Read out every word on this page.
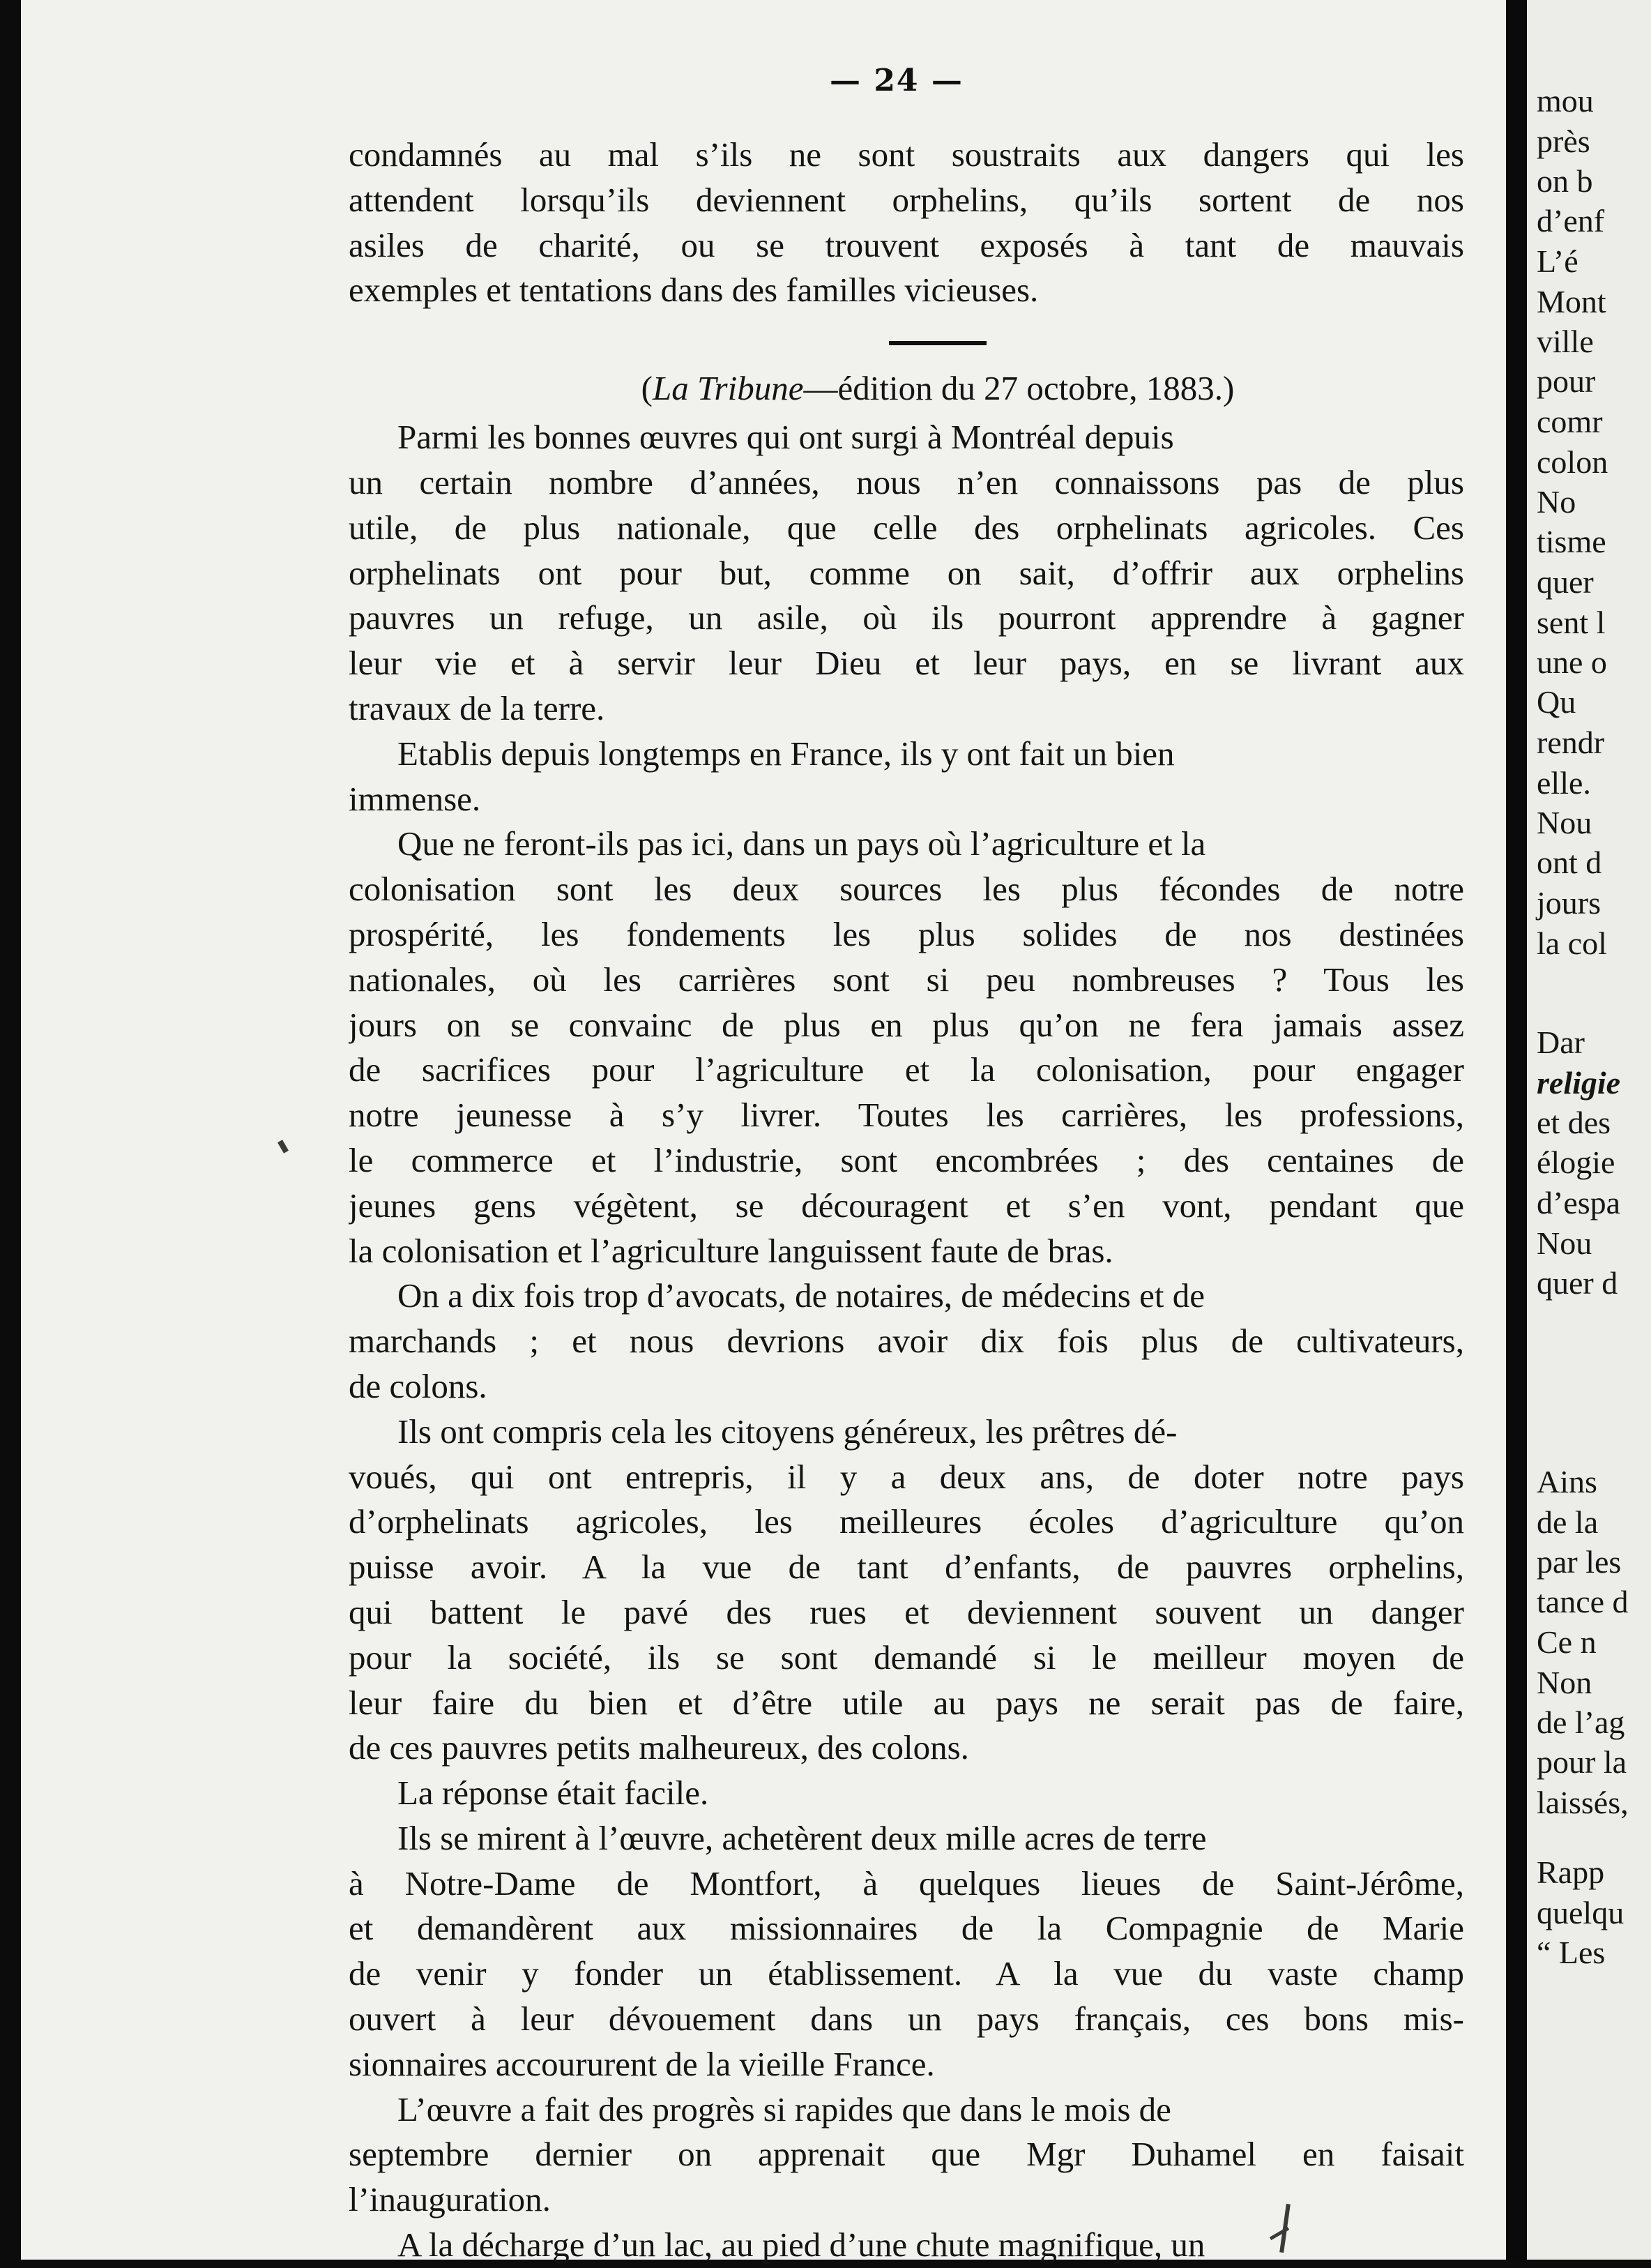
— 24 —
condamnés au mal s’ils ne sont soustraits aux dangers qui les
attendent lorsqu’ils deviennent orphelins, qu’ils sortent de nos
asiles de charité, ou se trouvent exposés à tant de mauvais
exemples et tentations dans des familles vicieuses.
(La Tribune—édition du 27 octobre, 1883.)
Parmi les bonnes œuvres qui ont surgi à Montréal depuis
un certain nombre d’années, nous n’en connaissons pas de plus
utile, de plus nationale, que celle des orphelinats agricoles. Ces
orphelinats ont pour but, comme on sait, d’offrir aux orphelins
pauvres un refuge, un asile, où ils pourront apprendre à gagner
leur vie et à servir leur Dieu et leur pays, en se livrant aux
travaux de la terre.
Etablis depuis longtemps en France, ils y ont fait un bien
immense.
Que ne feront-ils pas ici, dans un pays où l’agriculture et la
colonisation sont les deux sources les plus fécondes de notre
prospérité, les fondements les plus solides de nos destinées
nationales, où les carrières sont si peu nombreuses ? Tous les
jours on se convainc de plus en plus qu’on ne fera jamais assez
de sacrifices pour l’agriculture et la colonisation, pour engager
notre jeunesse à s’y livrer. Toutes les carrières, les professions,
le commerce et l’industrie, sont encombrées ; des centaines de
jeunes gens végètent, se découragent et s’en vont, pendant que
la colonisation et l’agriculture languissent faute de bras.
On a dix fois trop d’avocats, de notaires, de médecins et de
marchands ; et nous devrions avoir dix fois plus de cultivateurs,
de colons.
Ils ont compris cela les citoyens généreux, les prêtres dé-
voués, qui ont entrepris, il y a deux ans, de doter notre pays
d’orphelinats agricoles, les meilleures écoles d’agriculture qu’on
puisse avoir. A la vue de tant d’enfants, de pauvres orphelins,
qui battent le pavé des rues et deviennent souvent un danger
pour la société, ils se sont demandé si le meilleur moyen de
leur faire du bien et d’être utile au pays ne serait pas de faire,
de ces pauvres petits malheureux, des colons.
La réponse était facile.
Ils se mirent à l’œuvre, achetèrent deux mille acres de terre
à Notre-Dame de Montfort, à quelques lieues de Saint-Jérôme,
et demandèrent aux missionnaires de la Compagnie de Marie
de venir y fonder un établissement. A la vue du vaste champ
ouvert à leur dévouement dans un pays français, ces bons mis-
sionnaires accoururent de la vieille France.
L’œuvre a fait des progrès si rapides que dans le mois de
septembre dernier on apprenait que Mgr Duhamel en faisait
l’inauguration.
A la décharge d’un lac, au pied d’une chute magnifique, un
mou
près
on b
d’enf
L’é
Mont
ville
pour
comr
colon
No
tisme
quer
sent l
une o
Qu
rendr
elle.
Nou
ont d
jours
la col
Dar
religie
et des
élogie
d’espa
Nou
quer d
Ains
de la
par les
tance d
Ce n
Non
de l’ag
pour la
laissés,
Rapp
quelqu
“ Les
